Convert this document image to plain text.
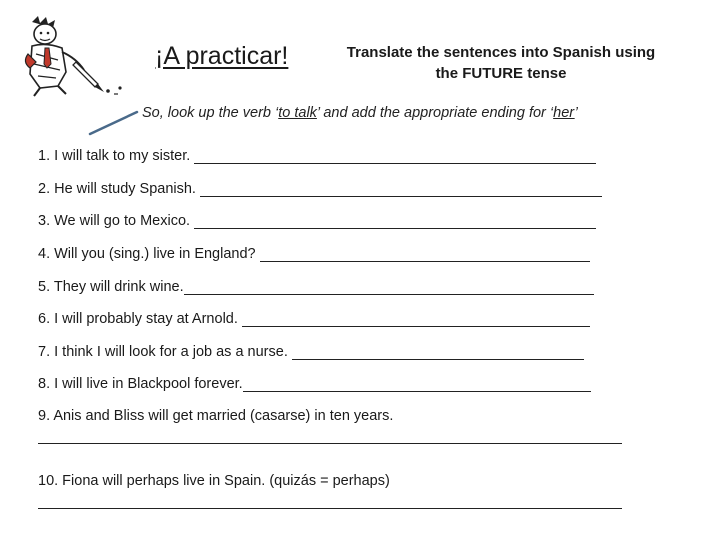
¡A practicar!	Translate the sentences into Spanish using the FUTURE tense
So, look up the verb ‘to talk’ and add the appropriate ending for ‘her’
1. I will talk to my sister.
2. He will study Spanish.
3. We will go to Mexico.
4. Will you (sing.) live in England?
5. They will drink wine.
6. I will probably stay at Arnold.
7. I think I will look for a job as a nurse.
8. I will live in Blackpool forever.
9. Anis and Bliss will get married (casarse) in ten years.
10. Fiona will perhaps live in Spain. (quizás = perhaps)
